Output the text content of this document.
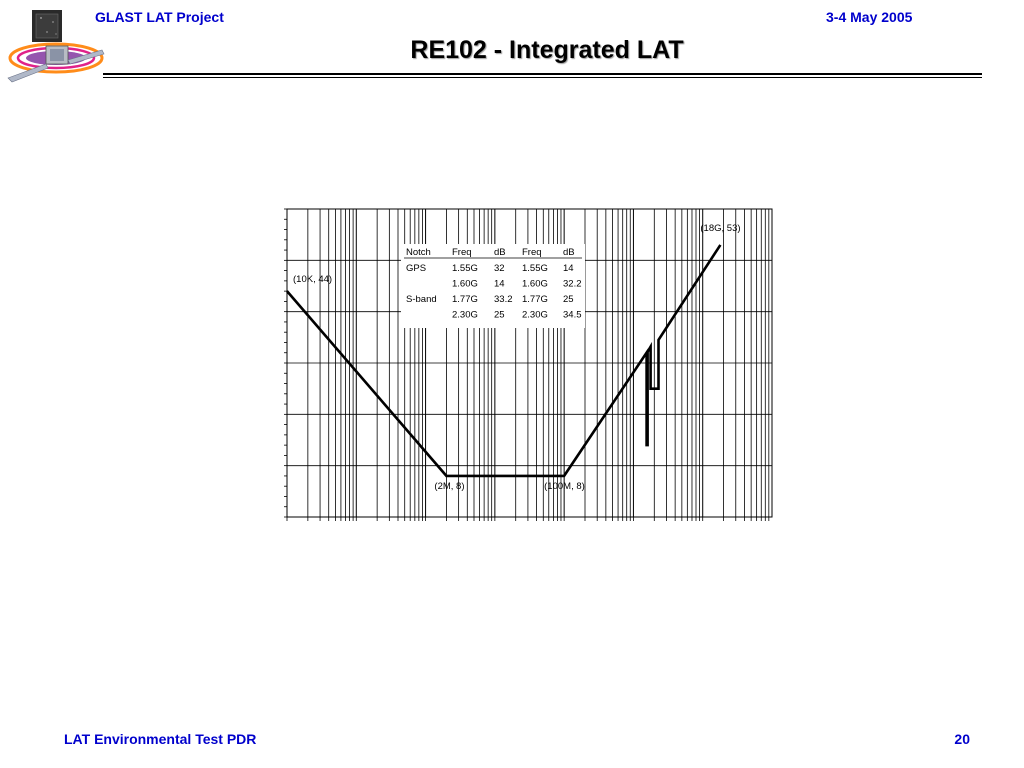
GLAST LAT Project	3-4 May 2005
RE102 - Integrated LAT
Notch Freq dB Freq dB
GPS	1.55G 32 1.55G 14
1.60G 14 1.60G 32.2
S-band 1.77G 33.2 1.77G 25
2.30G 25 2.30G 34.5
(10K, 44)
(2M, 8)	(100M, 8)
(18G, 53)
LAT Environmental Test PDR	20
